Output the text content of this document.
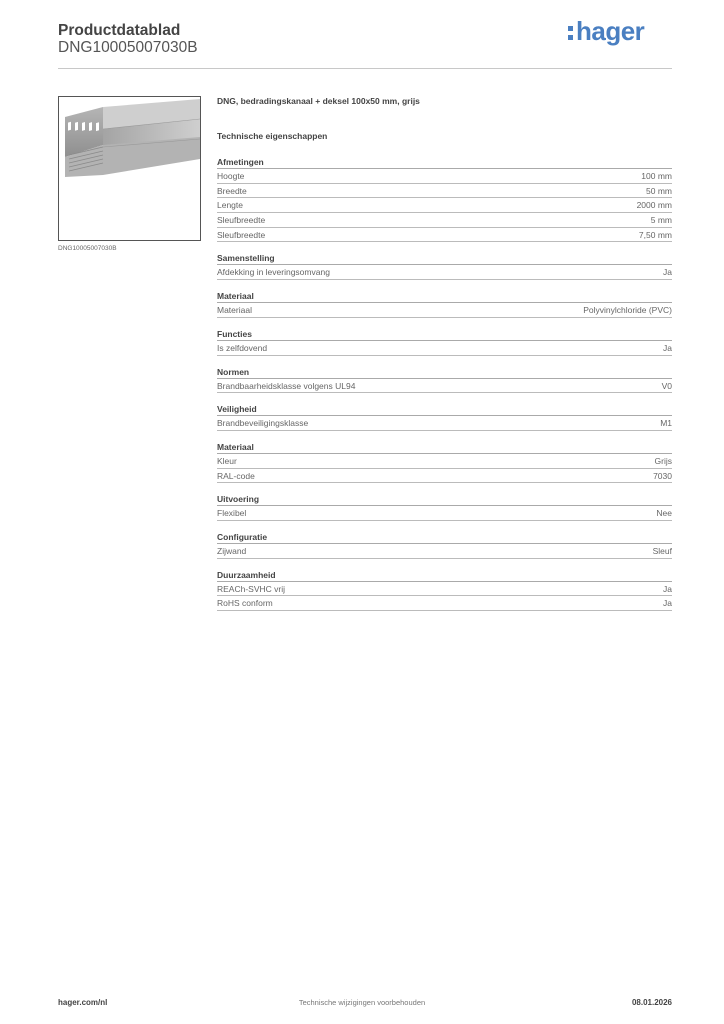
Productdatablad
DNG10005007030B
hager
DNG10005007030B
DNG, bedradingskanaal + deksel 100x50 mm, grijs
Technische eigenschappen
Afmetingen
Hoogte	100 mm
Breedte	50 mm
Lengte	2000 mm
Sleufbreedte	5 mm
Sleufbreedte	7,50 mm
Samenstelling
Afdekking in leveringsomvang	Ja
Materiaal
Materiaal	Polyvinylchloride (PVC)
Functies
Is zelfdovend	Ja
Normen
Brandbaarheidsklasse volgens UL94	V0
Veiligheid
Brandbeveiligingsklasse	M1
Materiaal
Kleur	Grijs
RAL-code	7030
Uitvoering
Flexibel	Nee
Configuratie
Zijwand	Sleuf
Duurzaamheid
REACh-SVHC vrij	Ja
RoHS conform	Ja
hager.com/nl	Technische wijzigingen voorbehouden	08.01.2026
